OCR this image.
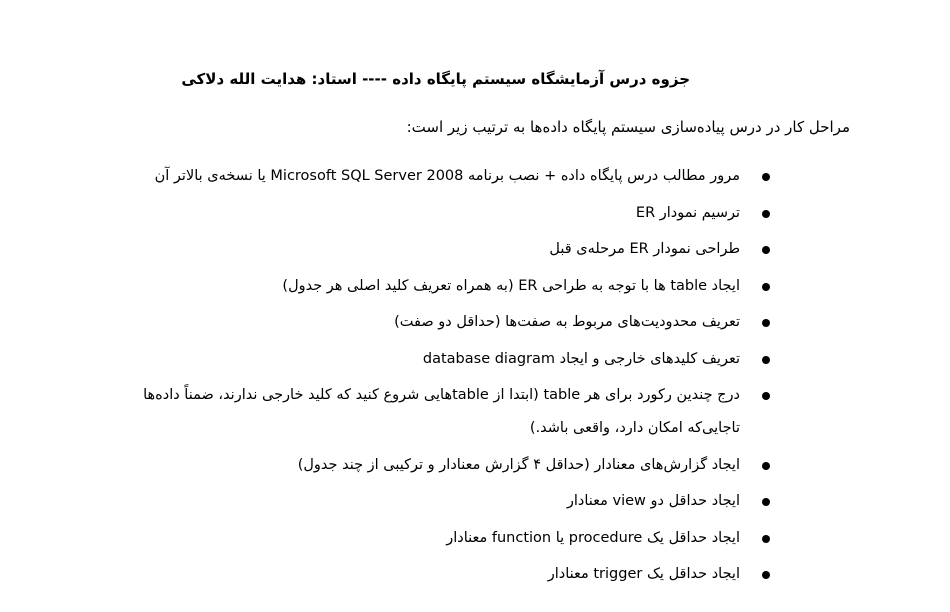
جزوه درس آزمایشگاه سیستم پایگاه داده ---- استاد: هدایت الله دلاکی
مراحل کار در درس پیاده‌سازی سیستم پایگاه داده‌ها به ترتیب زیر است:
مرور مطالب درس پایگاه داده + نصب برنامه Microsoft SQL Server 2008 یا نسخه‌ی بالاتر آن
ترسیم نمودار ER
طراحی نمودار ER مرحله‌ی قبل
ایجاد table ها با توجه به طراحی ER (به همراه تعریف کلید اصلی هر جدول)
تعریف محدودیت‌های مربوط به صفت‌ها (حداقل دو صفت)
تعریف کلیدهای خارجی و ایجاد database diagram
درج چندین رکورد برای هر table (ابتدا از tableهایی شروع کنید که کلید خارجی ندارند، ضمناً داده‌ها تاجایی‌که امکان دارد، واقعی باشد.)
ایجاد گزارش‌های معنادار (حداقل ۴ گزارش معنادار و ترکیبی از چند جدول)
ایجاد حداقل دو view معنادار
ایجاد حداقل یک procedure یا function معنادار
ایجاد حداقل یک trigger معنادار
